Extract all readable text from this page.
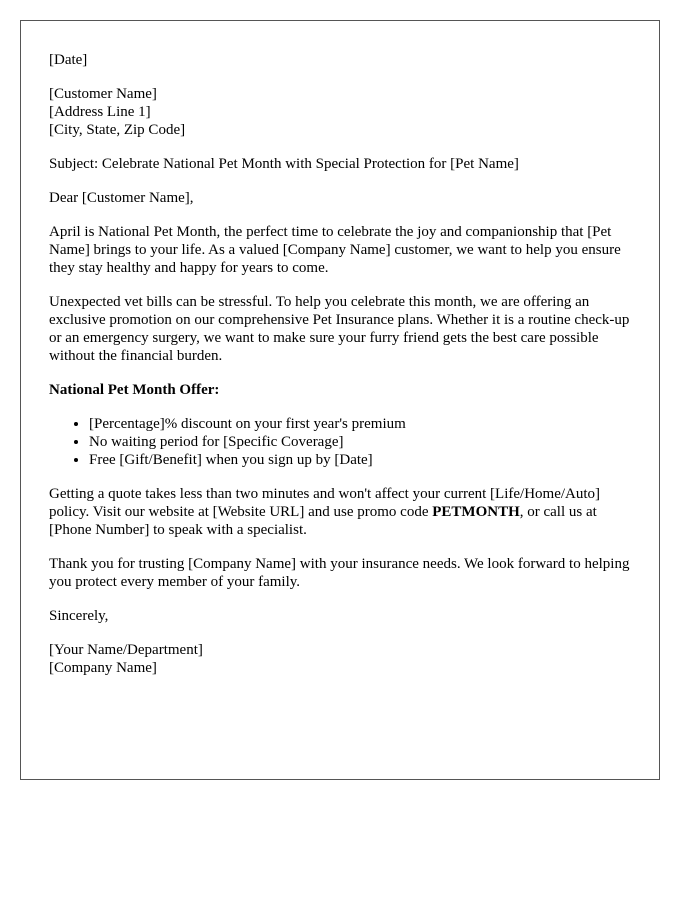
[Date]
[Customer Name]
[Address Line 1]
[City, State, Zip Code]
Subject: Celebrate National Pet Month with Special Protection for [Pet Name]
Dear [Customer Name],
April is National Pet Month, the perfect time to celebrate the joy and companionship that [Pet Name] brings to your life. As a valued [Company Name] customer, we want to help you ensure they stay healthy and happy for years to come.
Unexpected vet bills can be stressful. To help you celebrate this month, we are offering an exclusive promotion on our comprehensive Pet Insurance plans. Whether it is a routine check-up or an emergency surgery, we want to make sure your furry friend gets the best care possible without the financial burden.
National Pet Month Offer:
• [Percentage]% discount on your first year's premium
• No waiting period for [Specific Coverage]
• Free [Gift/Benefit] when you sign up by [Date]
Getting a quote takes less than two minutes and won't affect your current [Life/Home/Auto] policy. Visit our website at [Website URL] and use promo code PETMONTH, or call us at [Phone Number] to speak with a specialist.
Thank you for trusting [Company Name] with your insurance needs. We look forward to helping you protect every member of your family.
Sincerely,
[Your Name/Department]
[Company Name]
